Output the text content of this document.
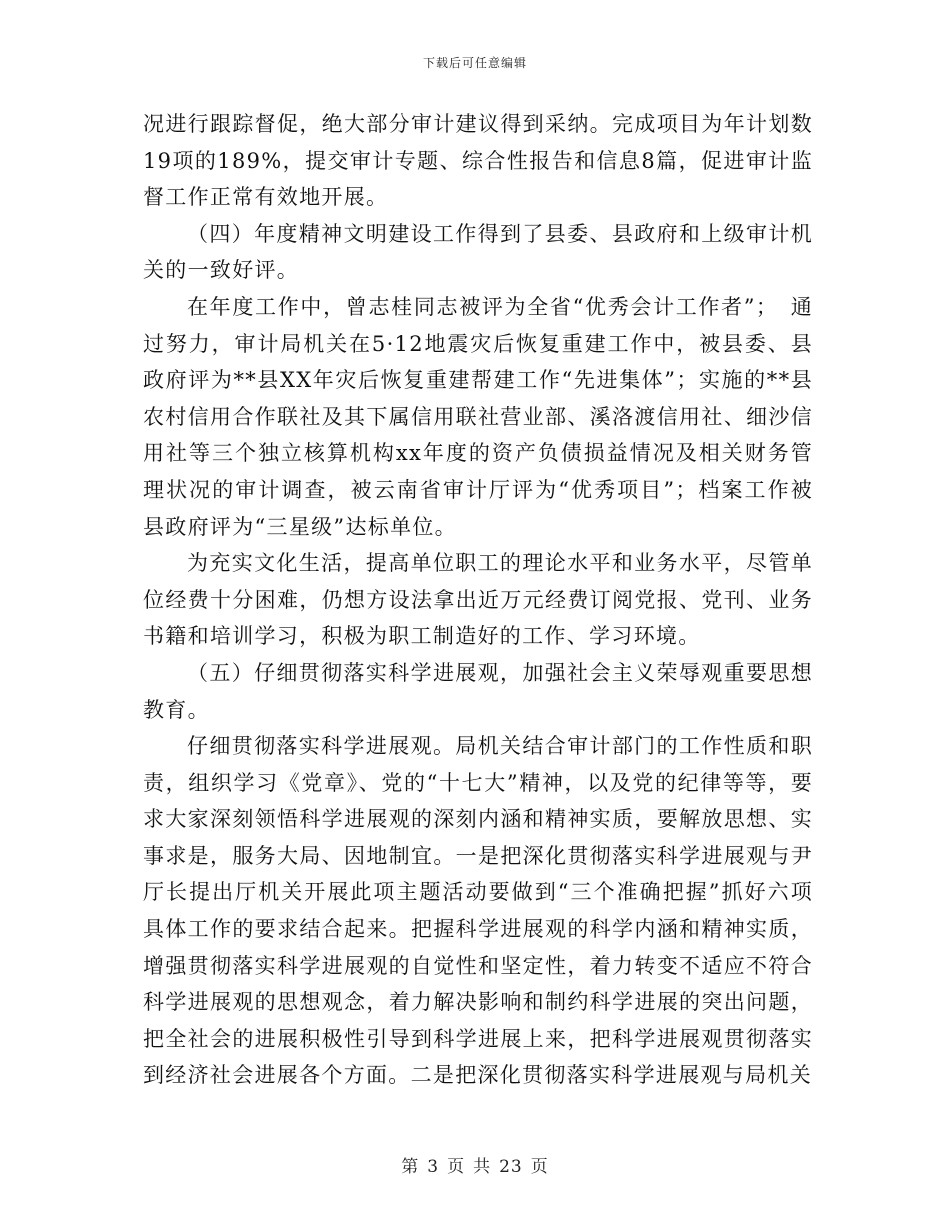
下载后可任意编辑

况进行跟踪督促，绝大部分审计建议得到采纳。完成项目为年计划数19项的189%，提交审计专题、综合性报告和信息8篇，促进审计监督工作正常有效地开展。

（四）年度精神文明建设工作得到了县委、县政府和上级审计机关的一致好评。

在年度工作中，曾志桂同志被评为全省“优秀会计工作者”；　通过努力，审计局机关在5·12地震灾后恢复重建工作中，被县委、县政府评为**县XX年灾后恢复重建帮建工作“先进集体”；实施的**县农村信用合作联社及其下属信用联社营业部、溪洛渡信用社、细沙信用社等三个独立核算机构xx年度的资产负债损益情况及相关财务管理状况的审计调查，被云南省审计厅评为“优秀项目”；档案工作被县政府评为“三星级”达标单位。

为充实文化生活，提高单位职工的理论水平和业务水平，尽管单位经费十分困难，仍想方设法拿出近万元经费订阅党报、党刊、业务书籍和培训学习，积极为职工制造好的工作、学习环境。

（五）仔细贯彻落实科学进展观，加强社会主义荣辱观重要思想教育。

仔细贯彻落实科学进展观。局机关结合审计部门的工作性质和职责，组织学习《党章》、党的“十七大”精神，以及党的纪律等等，要求大家深刻领悟科学进展观的深刻内涵和精神实质，要解放思想、实事求是，服务大局、因地制宜。一是把深化贯彻落实科学进展观与尹厅长提出厅机关开展此项主题活动要做到“三个准确把握”抓好六项具体工作的要求结合起来。把握科学进展观的科学内涵和精神实质，增强贯彻落实科学进展观的自觉性和坚定性，着力转变不适应不符合科学进展观的思想观念，着力解决影响和制约科学进展的突出问题，把全社会的进展积极性引导到科学进展上来，把科学进展观贯彻落实到经济社会进展各个方面。二是把深化贯彻落实科学进展观与局机关

第 3 页 共 23 页
